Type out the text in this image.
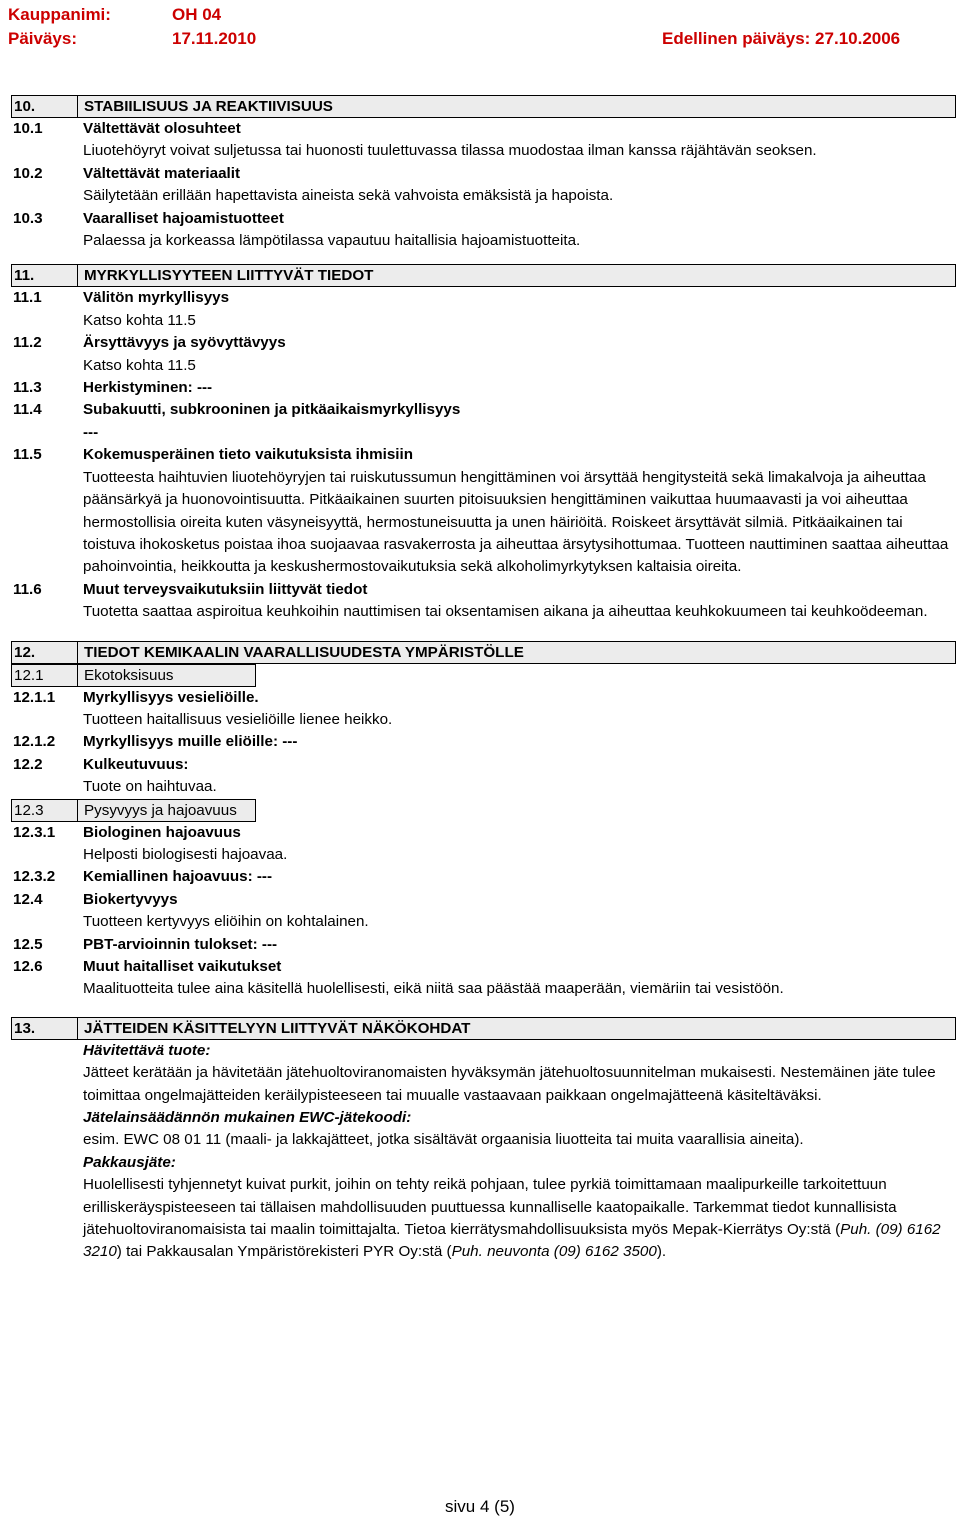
Kauppanimi:	OH 04
Päiväys:	17.11.2010	Edellinen päiväys: 27.10.2006
10.	STABIILISUUS JA REAKTIIVISUUS
10.1	Vältettävät olosuhteet
Liuotehöyryt voivat suljetussa tai huonosti tuulettuvassa tilassa muodostaa ilman kanssa räjähtävän seoksen.
10.2	Vältettävät materiaalit
Säilytetään erillään hapettavista aineista sekä vahvoista emäksistä ja hapoista.
10.3	Vaaralliset hajoamistuotteet
Palaessa ja korkeassa lämpötilassa vapautuu haitallisia hajoamistuotteita.
11.	MYRKYLLISYYTEEN LIITTYVÄT TIEDOT
11.1	Välitön myrkyllisyys
Katso kohta 11.5
11.2	Ärsyttävyys ja syövyttävyys
Katso kohta 11.5
11.3	Herkistyminen: ---
11.4	Subakuutti, subkrooninen ja pitkäaikaismyrkyllisyys
---
11.5	Kokemusperäinen tieto vaikutuksista ihmisiin
Tuotteesta haihtuvien liuotehöyryjen tai ruiskutussumun hengittäminen voi ärsyttää hengitysteitä sekä limakalvoja ja aiheuttaa päänsärkyä ja huonovointisuutta. Pitkäaikainen suurten pitoisuuksien hengittäminen vaikuttaa huumaavasti ja voi aiheuttaa hermostollisia oireita kuten väsyneisyyttä, hermostuneisuutta ja unen häiriöitä. Roiskeet ärsyttävät silmiä. Pitkäaikainen tai toistuva ihokosketus poistaa ihoa suojaavaa rasvakerrosta ja aiheuttaa ärsytysihottumaa. Tuotteen nauttiminen saattaa aiheuttaa pahoinvointia, heikkoutta ja keskushermostovaikutuksia sekä alkoholimyrkytyksen kaltaisia oireita.
11.6	Muut terveysvaikutuksiin liittyvät tiedot
Tuotetta saattaa aspiroitua keuhkoihin nauttimisen tai oksentamisen aikana ja aiheuttaa keuhkokuumeen tai keuhkoödeeman.
12.	TIEDOT KEMIKAALIN VAARALLISUUDESTA YMPÄRISTÖLLE
12.1	Ekotoksisuus
12.1.1 Myrkyllisyys vesieliöille.
Tuotteen haitallisuus vesieliöille lienee heikko.
12.1.2 Myrkyllisyys muille eliöille: ---
12.2	Kulkeutuvuus:
Tuote on haihtuvaa.
12.3	Pysyvyys ja hajoavuus
12.3.1 Biologinen hajoavuus
Helposti biologisesti hajoavaa.
12.3.2 Kemiallinen hajoavuus: ---
12.4	Biokertyvyys
Tuotteen kertyvyys eliöihin on kohtalainen.
12.5	PBT-arvioinnin tulokset: ---
12.6	Muut haitalliset vaikutukset
Maalituotteita tulee aina käsitellä huolellisesti, eikä niitä saa päästää maaperään, viemäriin tai vesistöön.
13.	JÄTTEIDEN KÄSITTELYYN LIITTYVÄT NÄKÖKOHDAT
Hävitettävä tuote:
Jätteet kerätään ja hävitetään jätehuoltoviranomaisten hyväksymän jätehuoltosuunnitelman mukaisesti. Nestemäinen jäte tulee toimittaa ongelmajätteiden keräilypisteeseen tai muualle vastaavaan paikkaan ongelmajätteenä käsiteltäväksi.
Jätelainsäädännön mukainen EWC-jätekoodi:
esim. EWC 08 01 11 (maali- ja lakkajätteet, jotka sisältävät orgaanisia liuotteita tai muita vaarallisia aineita).
Pakkausjäte:
Huolellisesti tyhjennetyt kuivat purkit, joihin on tehty reikä pohjaan, tulee pyrkiä toimittamaan maalipurkeille tarkoitettuun erilliskeräyspisteeseen tai tällaisen mahdollisuuden puuttuessa kunnalliselle kaatopaikalle. Tarkemmat tiedot kunnallisista jätehuoltoviranomaisista tai maalin toimittajalta. Tietoa kierrätysmahdollisuuksista myös Mepak-Kierrätys Oy:stä (Puh. (09) 6162 3210) tai Pakkausalan Ympäristörekisteri PYR Oy:stä (Puh. neuvonta (09) 6162 3500).
sivu 4 (5)
